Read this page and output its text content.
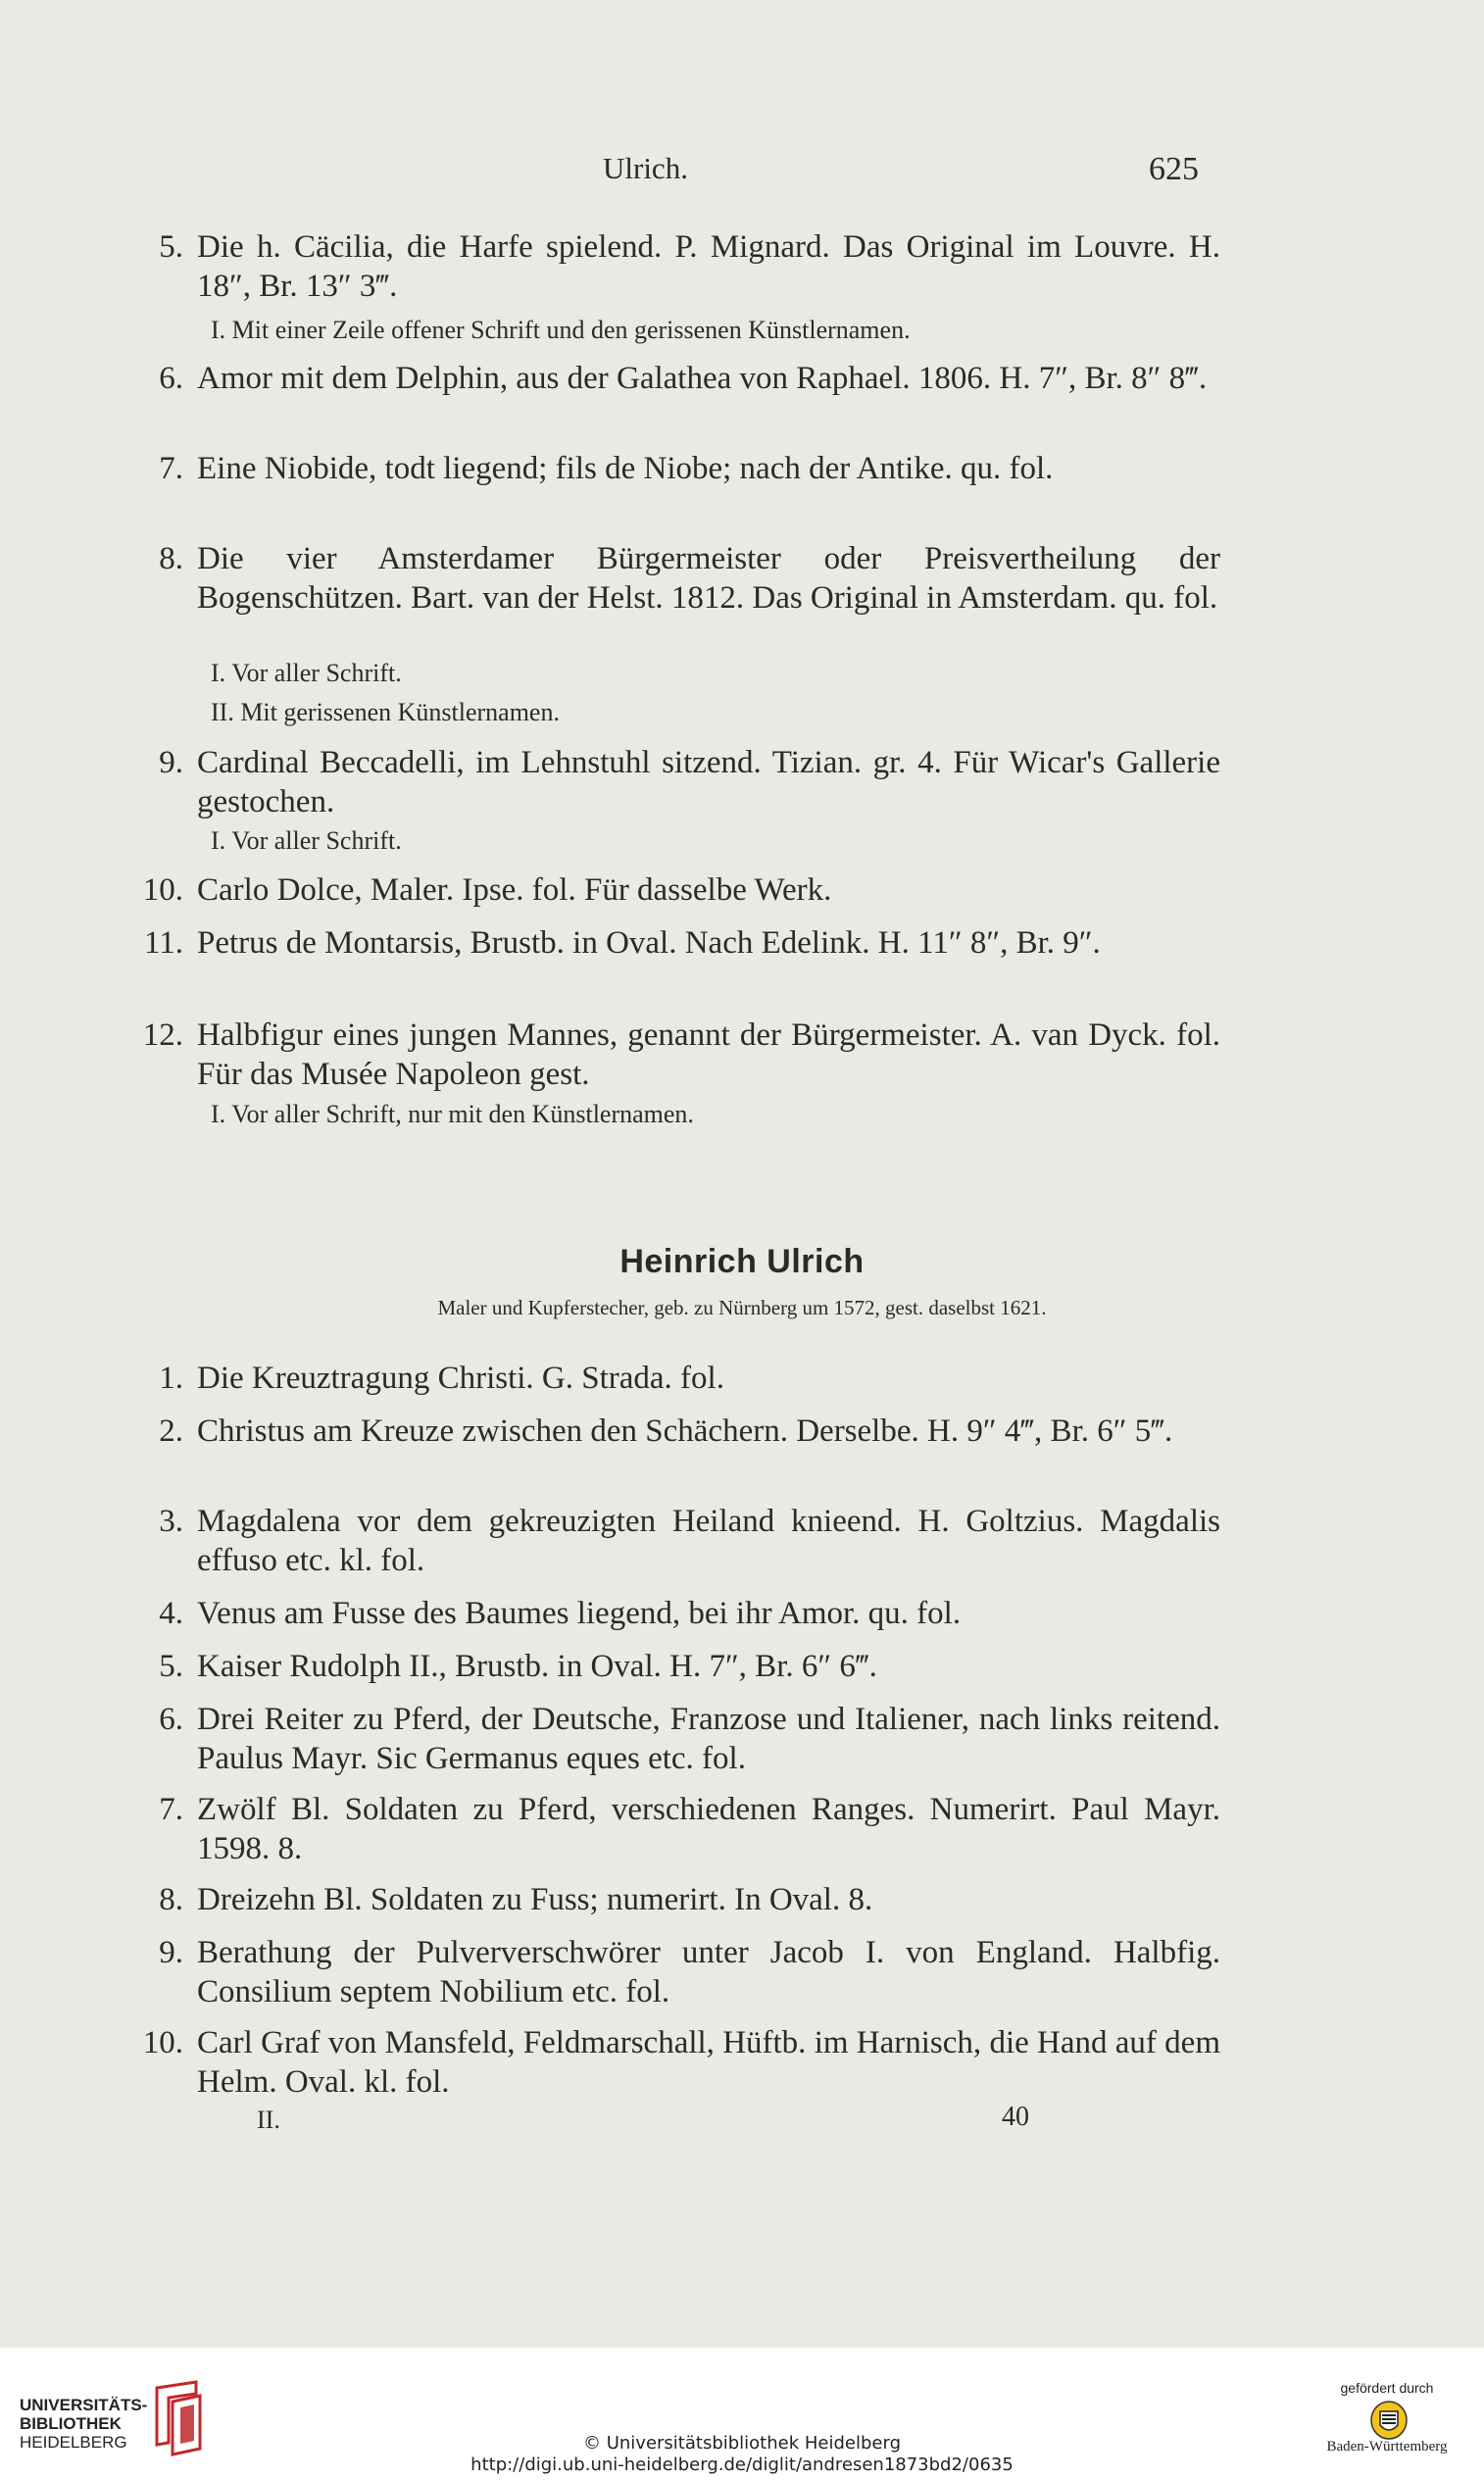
Ulrich.	625
5. Die h. Cäcilia, die Harfe spielend. P. Mignard. Das Original im Louvre. H. 18″, Br. 13″ 3‴.
I. Mit einer Zeile offener Schrift und den gerissenen Künstlernamen.
6. Amor mit dem Delphin, aus der Galathea von Raphael. 1806. H. 7″, Br. 8″ 8‴.
7. Eine Niobide, todt liegend; fils de Niobe; nach der Antike. qu. fol.
8. Die vier Amsterdamer Bürgermeister oder Preisvertheilung der Bogenschützen. Bart. van der Helst. 1812. Das Original in Amsterdam. qu. fol.
I. Vor aller Schrift.
II. Mit gerissenen Künstlernamen.
9. Cardinal Beccadelli, im Lehnstuhl sitzend. Tizian. gr. 4. Für Wicar's Gallerie gestochen.
I. Vor aller Schrift.
10. Carlo Dolce, Maler. Ipse. fol. Für dasselbe Werk.
11. Petrus de Montarsis, Brustb. in Oval. Nach Edelink. H. 11″ 8″, Br. 9″.
12. Halbfigur eines jungen Mannes, genannt der Bürgermeister. A. van Dyck. fol. Für das Musée Napoleon gest.
I. Vor aller Schrift, nur mit den Künstlernamen.
Heinrich Ulrich
Maler und Kupferstecher, geb. zu Nürnberg um 1572, gest. daselbst 1621.
1. Die Kreuztragung Christi. G. Strada. fol.
2. Christus am Kreuze zwischen den Schächern. Derselbe. H. 9″ 4‴, Br. 6″ 5‴.
3. Magdalena vor dem gekreuzigten Heiland knieend. H. Goltzius. Magdalis effuso etc. kl. fol.
4. Venus am Fusse des Baumes liegend, bei ihr Amor. qu. fol.
5. Kaiser Rudolph II., Brustb. in Oval. H. 7″, Br. 6″ 6‴.
6. Drei Reiter zu Pferd, der Deutsche, Franzose und Italiener, nach links reitend. Paulus Mayr. Sic Germanus eques etc. fol.
7. Zwölf Bl. Soldaten zu Pferd, verschiedenen Ranges. Numerirt. Paul Mayr. 1598. 8.
8. Dreizehn Bl. Soldaten zu Fuss; numerirt. In Oval. 8.
9. Berathung der Pulververschwörer unter Jacob I. von England. Halbfig. Consilium septem Nobilium etc. fol.
10. Carl Graf von Mansfeld, Feldmarschall, Hüftb. im Harnisch, die Hand auf dem Helm. Oval. kl. fol.
II.	40
UNIVERSITÄTS-
BIBLIOTHEK
HEIDELBERG	© Universitätsbibliothek Heidelberg
http://digi.ub.uni-heidelberg.de/diglit/andresen1873bd2/0635
gefördert durch
Baden-Württemberg
